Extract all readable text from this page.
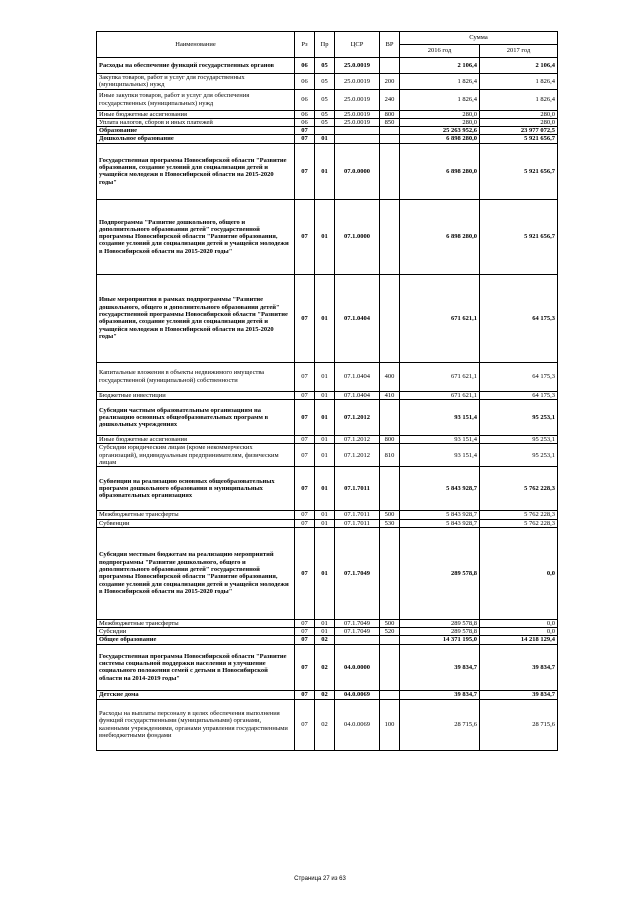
Наименование	Рз	Пр	ЦСР	ВР	Сумма	
					2016 год	2017 год
Расходы на обеспечение функций государственных органов	06	05	25.0.0019		2 106,4	2 106,4
Закупка товаров, работ и услуг для государственных (муниципальных) нужд	06	05	25.0.0019	200	1 826,4	1 826,4
Иные закупки товаров, работ и услуг для обеспечения государственных (муниципальных) нужд	06	05	25.0.0019	240	1 826,4	1 826,4
Иные бюджетные ассигнования	06	05	25.0.0019	800	280,0	280,0
Уплата налогов, сборов и иных платежей	06	05	25.0.0019	850	280,0	280,0
Образование	07				25 263 952,6	23 977 072,5
Дошкольное образование	07	01			6 898 280,0	5 921 656,7
Государственная программа Новосибирской области "Развитие образования, создание условий для социализации детей и учащейся молодежи в Новосибирской области на 2015-2020 годы"	07	01	07.0.0000		6 898 280,0	5 921 656,7
Подпрограмма "Развитие дошкольного, общего и дополнительного образования детей" государственной программы Новосибирской области "Развитие образования, создание условий для социализации детей и учащейся молодежи в Новосибирской области на 2015-2020 годы"	07	01	07.1.0000		6 898 280,0	5 921 656,7
Иные мероприятия в рамках подпрограммы "Развитие дошкольного, общего и дополнительного образования детей" государственной программы Новосибирской области "Развитие образования, создание условий для социализации детей и учащейся молодежи в Новосибирской области на 2015-2020 годы"	07	01	07.1.0404		671 621,1	64 175,3
Капитальные вложения в объекты недвижимого имущества государственной (муниципальной) собственности	07	01	07.1.0404	400	671 621,1	64 175,3
Бюджетные инвестиции	07	01	07.1.0404	410	671 621,1	64 175,3
Субсидии частным образовательным организациям на реализацию основных общеобразовательных программ в дошкольных учреждениях	07	01	07.1.2012		93 151,4	95 253,1
Иные бюджетные ассигнования	07	01	07.1.2012	800	93 151,4	95 253,1
Субсидии юридическим лицам (кроме некоммерческих организаций), индивидуальным предпринимателям, физическим лицам	07	01	07.1.2012	810	93 151,4	95 253,1
Субвенции на реализацию основных общеобразовательных программ дошкольного образования в муниципальных образовательных организациях	07	01	07.1.7011		5 843 928,7	5 762 228,3
Межбюджетные трансферты	07	01	07.1.7011	500	5 843 928,7	5 762 228,3
Субвенции	07	01	07.1.7011	530	5 843 928,7	5 762 228,3
Субсидия местным бюджетам на реализацию мероприятий подпрограммы "Развитие дошкольного, общего и дополнительного образования детей" государственной программы Новосибирской области "Развитие образования, создание условий для социализации детей и учащейся молодежи в Новосибирской области на 2015-2020 годы"	07	01	07.1.7049		289 578,8	0,0
Межбюджетные трансферты	07	01	07.1.7049	500	289 578,8	0,0
Субсидии	07	01	07.1.7049	520	289 578,8	0,0
Общее образование	07	02			14 371 195,0	14 218 129,4
Государственная программа Новосибирской области "Развитие системы социальной поддержки населения и улучшение социального положения семей с детьми в Новосибирской области на 2014-2019 годы"	07	02	04.0.0000		39 834,7	39 834,7
Детские дома	07	02	04.0.0069		39 834,7	39 834,7
Расходы на выплаты персоналу в целях обеспечения выполнения функций государственными (муниципальными) органами, казенными учреждениями, органами управления государственными внебюджетными фондами	07	02	04.0.0069	100	28 715,6	28 715,6
Страница 27 из 63
